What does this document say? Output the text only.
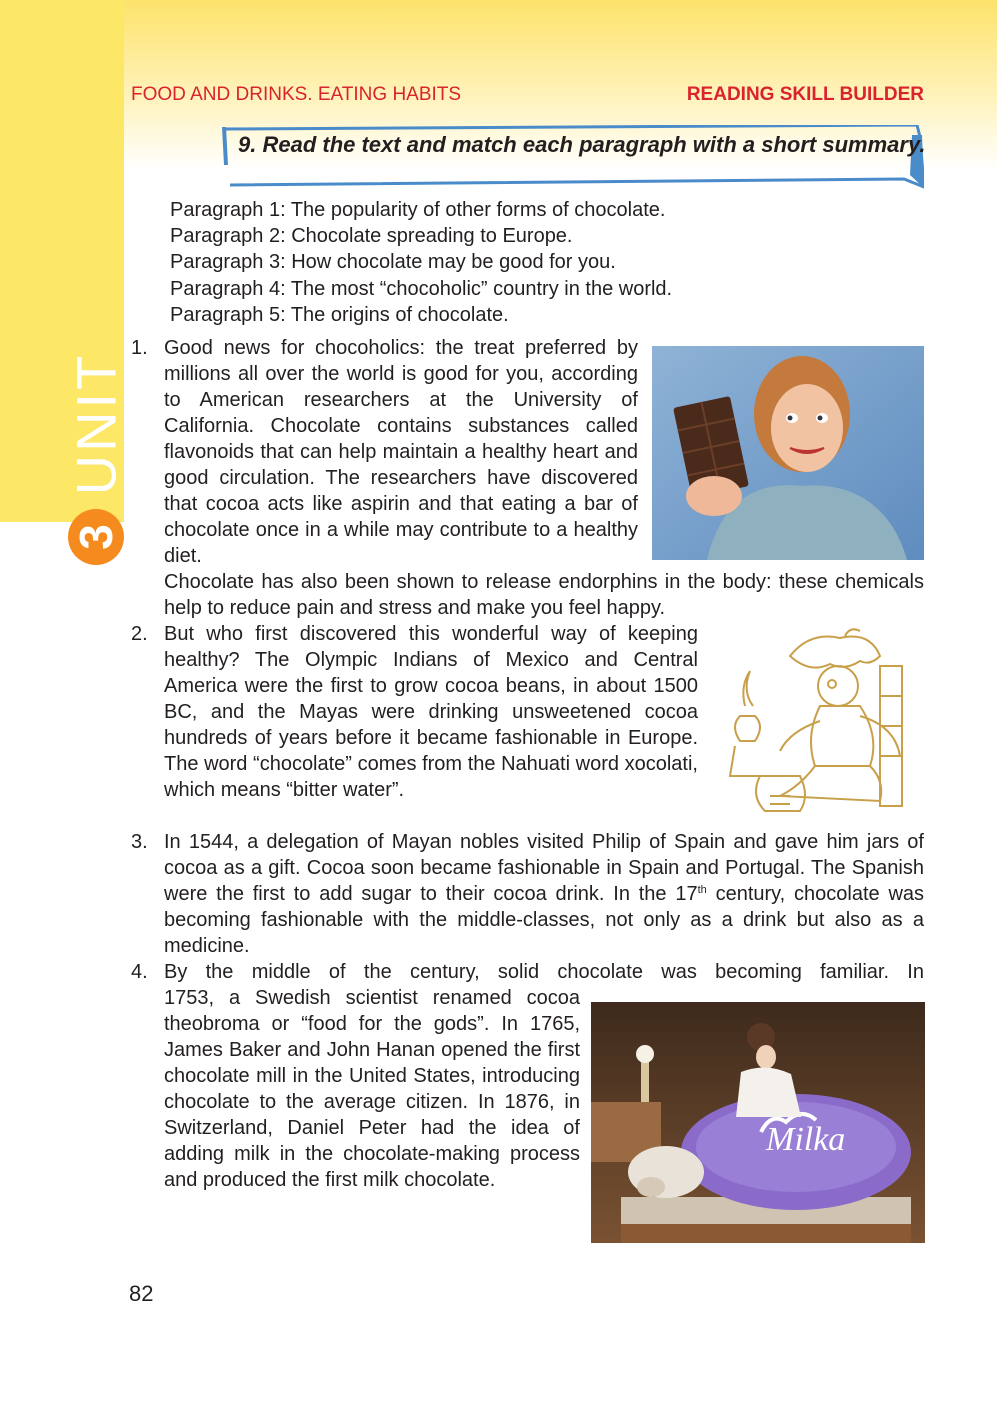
UNIT
3
FOOD AND DRINKS. EATING HABITS	READING SKILL BUILDER
9. Read the text and match each paragraph with a short summary.
Paragraph 1: The popularity of other forms of chocolate.
Paragraph 2: Chocolate spreading to Europe.
Paragraph 3: How chocolate may be good for you.
Paragraph 4: The most “chocoholic” country in the world.
Paragraph 5: The origins of chocolate.
1. Good news for chocoholics: the treat preferred by millions all over the world is good for you, according to American researchers at the University of California. Chocolate contains substances called flavonoids that can help maintain a healthy heart and good circulation. The researchers have discovered that cocoa acts like aspirin and that eating a bar of chocolate once in a while may contribute to a healthy diet.
Chocolate has also been shown to release endorphins in the body: these chemicals help to reduce pain and stress and make you feel happy.
2. But who first discovered this wonderful way of keeping healthy? The Olympic Indians of Mexico and Central America were the first to grow cocoa beans, in about 1500 BC, and the Mayas were drinking unsweetened cocoa hundreds of years before it became fashionable in Europe. The word “chocolate” comes from the Nahuati word xocolati, which means “bitter water”.
3. In 1544, a delegation of Mayan nobles visited Philip of Spain and gave him jars of cocoa as a gift. Cocoa soon became fashionable in Spain and Portugal. The Spanish were the first to add sugar to their cocoa drink. In the 17th century, chocolate was becoming fashionable with the middle-classes, not only as a drink but also as a medicine.
4. By the middle of the century, solid chocolate was becoming familiar. In
1753, a Swedish scientist renamed cocoa theobroma or “food for the gods”. In 1765, James Baker and John Hanan opened the first chocolate mill in the United States, introducing chocolate to the average citizen. In 1876, in Switzerland, Daniel Peter had the idea of adding milk in the chocolate-making process and produced the first milk chocolate.
Milka
82
